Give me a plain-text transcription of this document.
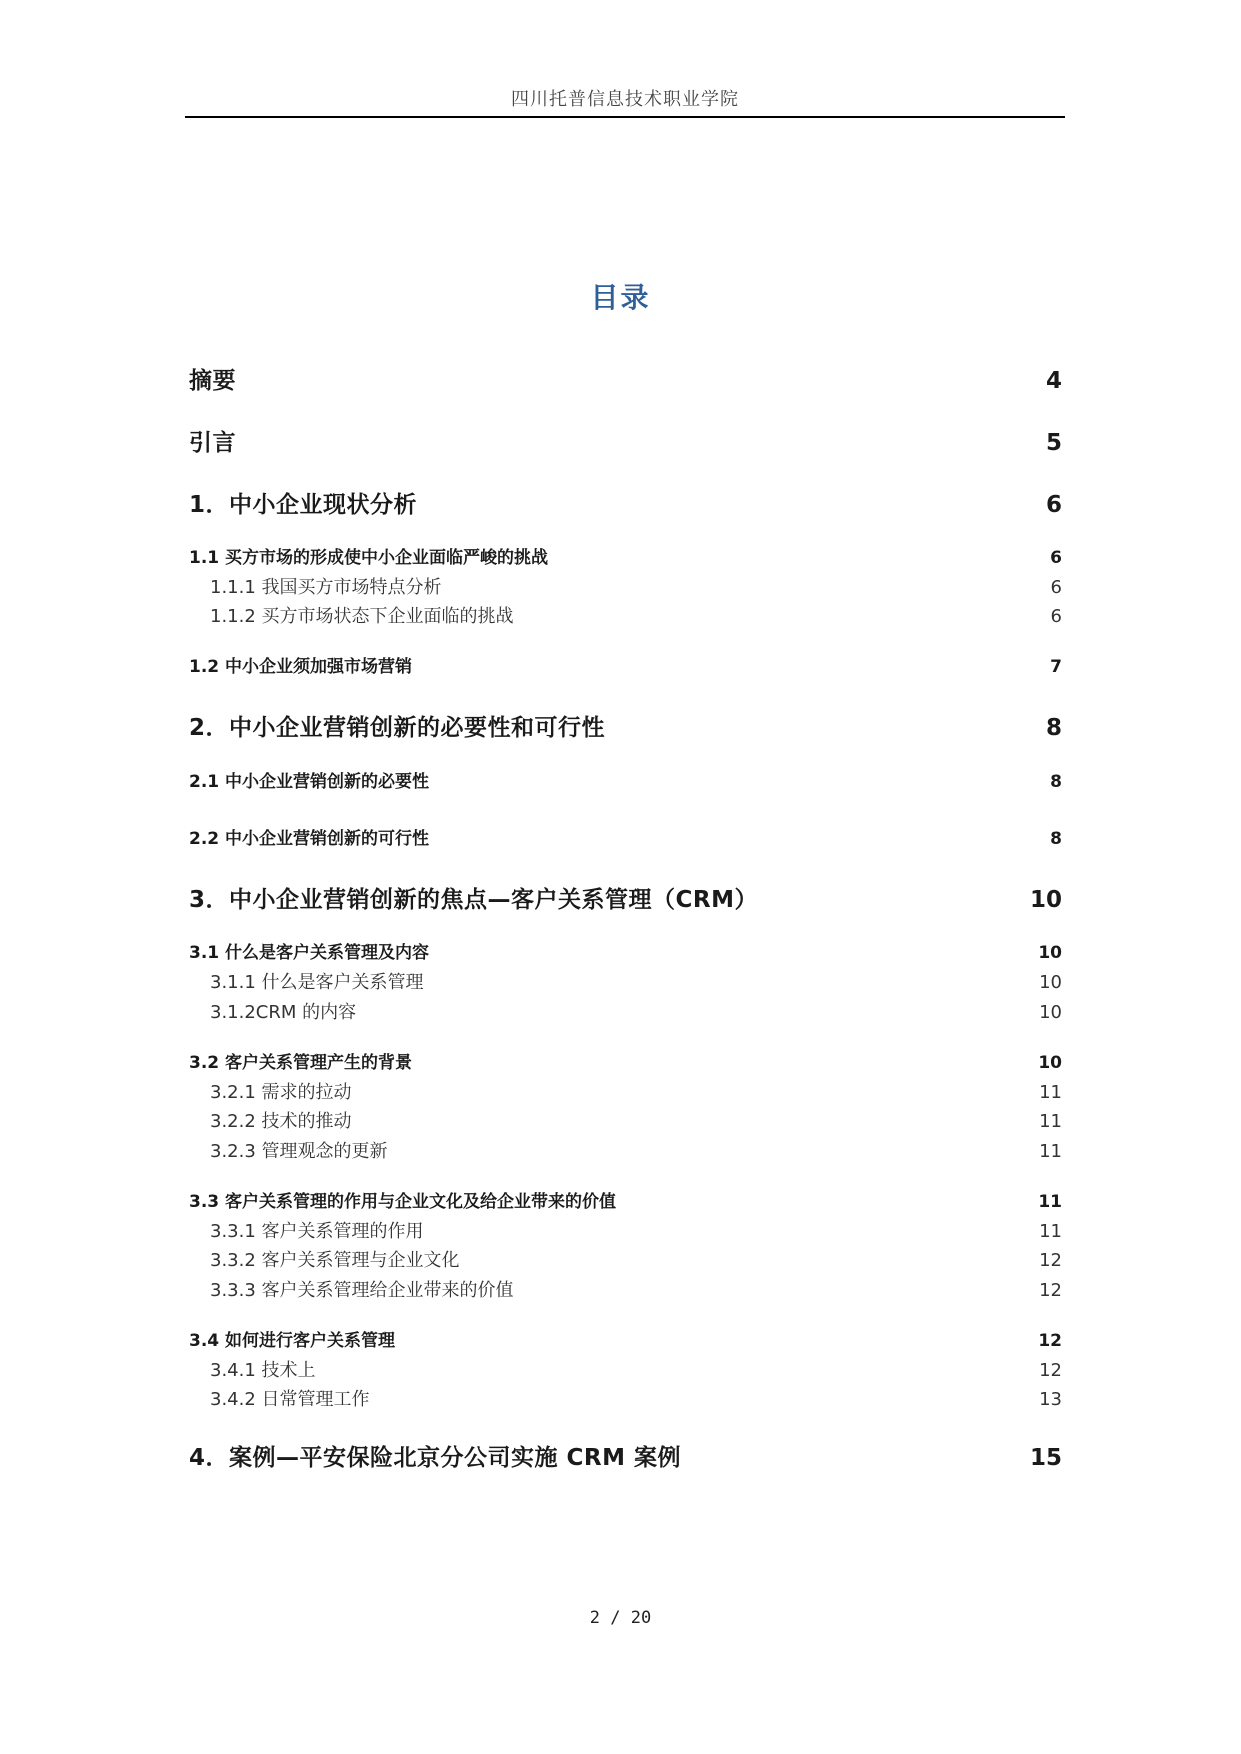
四川托普信息技术职业学院
目录
摘要	4
引言	5
1．中小企业现状分析	6
1.1 买方市场的形成使中小企业面临严峻的挑战	6
1.1.1 我国买方市场特点分析	6
1.1.2 买方市场状态下企业面临的挑战	6
1.2 中小企业须加强市场营销	7
2．中小企业营销创新的必要性和可行性	8
2.1 中小企业营销创新的必要性	8
2.2 中小企业营销创新的可行性	8
3．中小企业营销创新的焦点—客户关系管理（CRM）	10
3.1 什么是客户关系管理及内容	10
3.1.1 什么是客户关系管理	10
3.1.2CRM 的内容	10
3.2 客户关系管理产生的背景	10
3.2.1 需求的拉动	11
3.2.2 技术的推动	11
3.2.3 管理观念的更新	11
3.3 客户关系管理的作用与企业文化及给企业带来的价值	11
3.3.1 客户关系管理的作用	11
3.3.2 客户关系管理与企业文化	12
3.3.3 客户关系管理给企业带来的价值	12
3.4 如何进行客户关系管理	12
3.4.1 技术上	12
3.4.2 日常管理工作	13
4．案例—平安保险北京分公司实施 CRM 案例	15
2 / 20
